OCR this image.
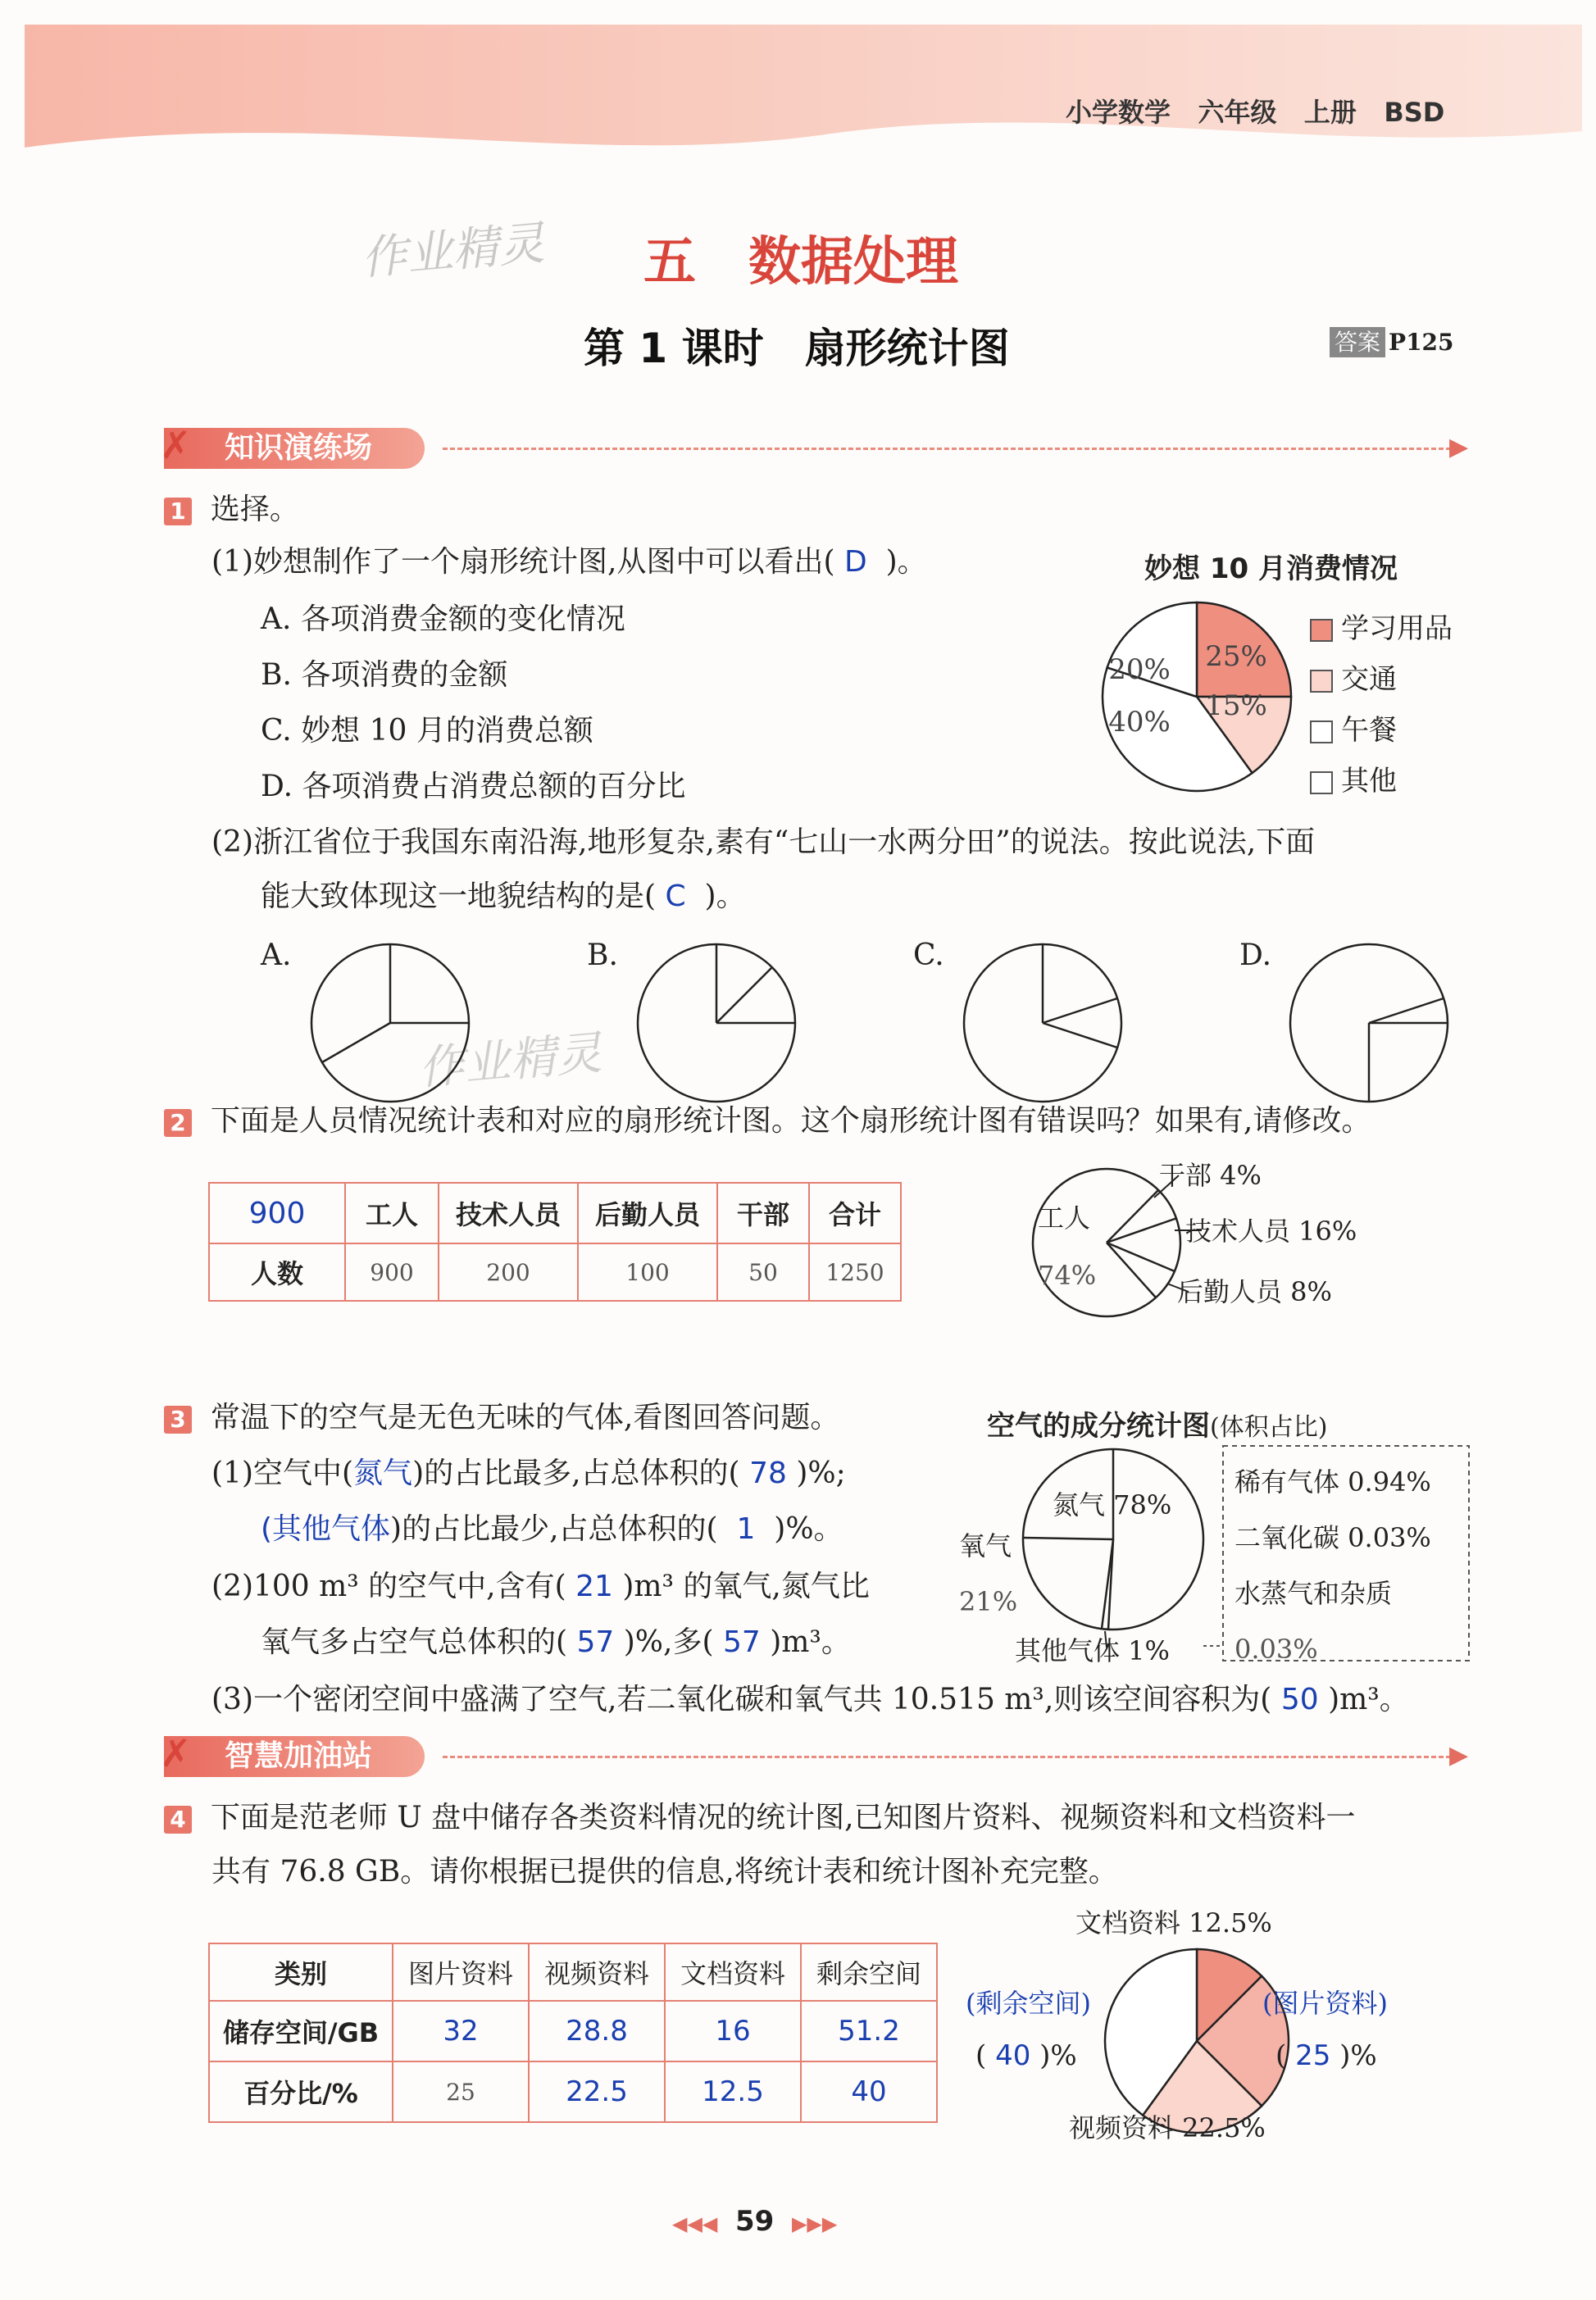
小学数学 六年级 上册 BSD
作业精灵
作业精灵
五　数据处理
第 1 课时　扇形统计图	答案 P125
知识演练场
✗	▶
1 选择。
(1)妙想制作了一个扇形统计图,从图中可以看出( D )。
A. 各项消费金额的变化情况
B. 各项消费的金额
C. 妙想 10 月的消费总额
D. 各项消费占消费总额的百分比
妙想 10 月消费情况
25%
15%
40%
20%
学习用品
交通
午餐
其他
(2)浙江省位于我国东南沿海,地形复杂,素有“七山一水两分田”的说法。按此说法,下面
能大致体现这一地貌结构的是( C )。
A.	B.	C.	D.
2 下面是人员情况统计表和对应的扇形统计图。这个扇形统计图有错误吗？如果有,请修改。
900	工人	技术人员	后勤人员	干部	合计
人数	900	200	100	50	1250
工人
74%
干部 4%
技术人员 16%
后勤人员 8%
3 常温下的空气是无色无味的气体,看图回答问题。	空气的成分统计图(体积占比)
(1)空气中(氮气)的占比最多,占总体积的( 78 )%;
(其他气体)的占比最少,占总体积的( 1 )%。
(2)100 m³ 的空气中,含有( 21 )m³ 的氧气,氮气比
氧气多占空气总体积的( 57 )%,多( 57 )m³。
(3)一个密闭空间中盛满了空气,若二氧化碳和氧气共 10.515 m³,则该空间容积为( 50 )m³。
氮气 78%
氧气
21%
其他气体 1%
稀有气体 0.94%
二氧化碳 0.03%
水蒸气和杂质
0.03%
智慧加油站
✗	▶
4 下面是范老师 U 盘中储存各类资料情况的统计图,已知图片资料、视频资料和文档资料一
共有 76.8 GB。请你根据已提供的信息,将统计表和统计图补充完整。
类别	图片资料	视频资料	文档资料	剩余空间
储存空间/GB	32	28.8	16	51.2
百分比/%	25	22.5	12.5	40
文档资料 12.5%
(图片资料)
( 25 )%
视频资料 22.5%
(剩余空间)
( 40 )%
◀◀◀ 59 ▶▶▶
